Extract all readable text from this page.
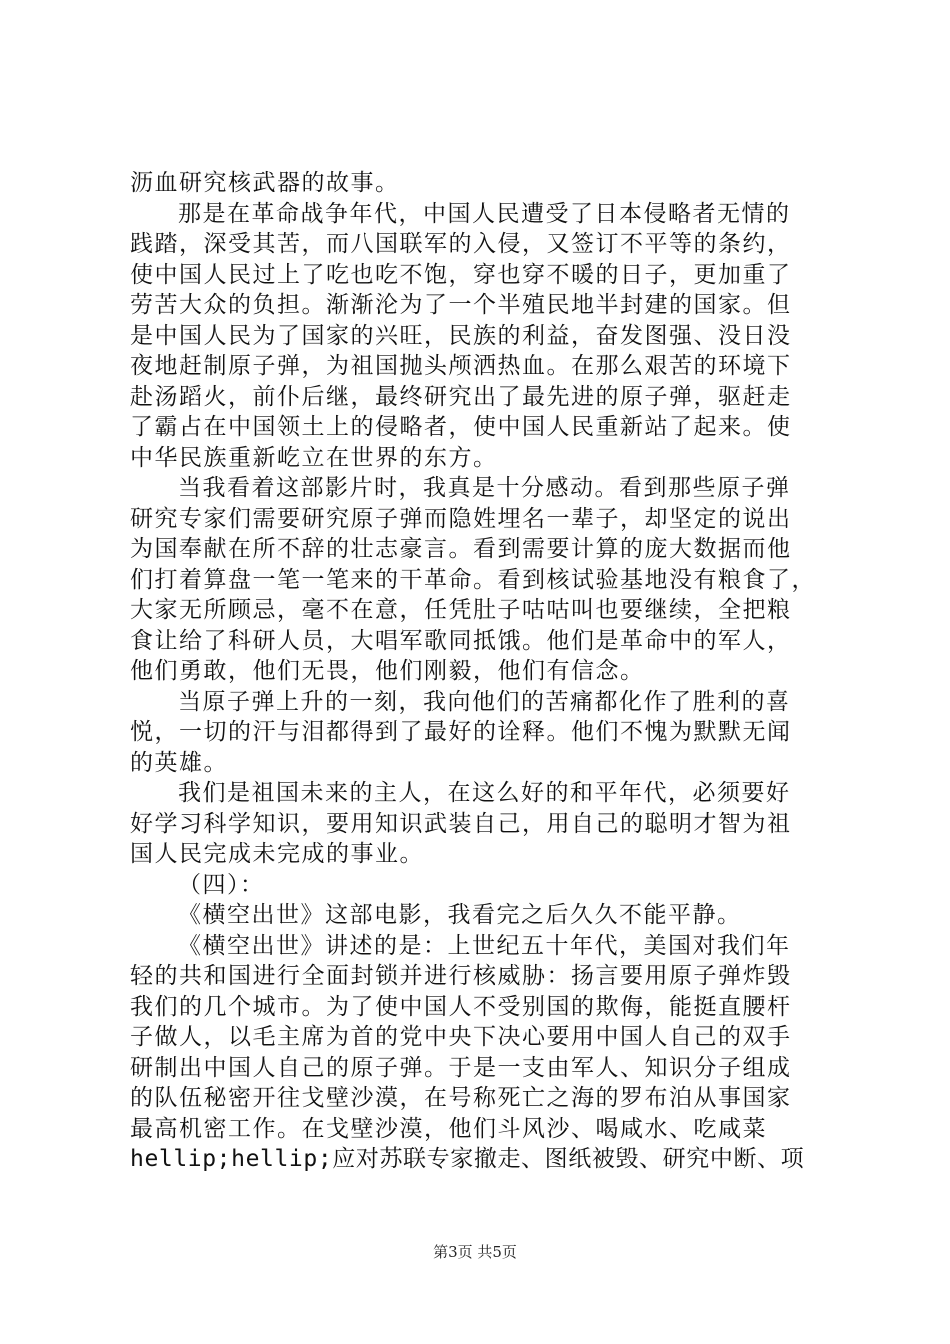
沥血研究核武器的故事。
那是在革命战争年代，中国人民遭受了日本侵略者无情的
践踏，深受其苦，而八国联军的入侵，又签订不平等的条约，
使中国人民过上了吃也吃不饱，穿也穿不暖的日子，更加重了
劳苦大众的负担。渐渐沦为了一个半殖民地半封建的国家。但
是中国人民为了国家的兴旺，民族的利益，奋发图强、没日没
夜地赶制原子弹，为祖国抛头颅洒热血。在那么艰苦的环境下
赴汤蹈火，前仆后继，最终研究出了最先进的原子弹，驱赶走
了霸占在中国领土上的侵略者，使中国人民重新站了起来。使
中华民族重新屹立在世界的东方。
当我看着这部影片时，我真是十分感动。看到那些原子弹
研究专家们需要研究原子弹而隐姓埋名一辈子，却坚定的说出
为国奉献在所不辞的壮志豪言。看到需要计算的庞大数据而他
们打着算盘一笔一笔来的干革命。看到核试验基地没有粮食了，
大家无所顾忌，毫不在意，任凭肚子咕咕叫也要继续，全把粮
食让给了科研人员，大唱军歌同抵饿。他们是革命中的军人，
他们勇敢，他们无畏，他们刚毅，他们有信念。
当原子弹上升的一刻，我向他们的苦痛都化作了胜利的喜
悦，一切的汗与泪都得到了最好的诠释。他们不愧为默默无闻
的英雄。
我们是祖国未来的主人，在这么好的和平年代，必须要好
好学习科学知识，要用知识武装自己，用自己的聪明才智为祖
国人民完成未完成的事业。
（四）：
《横空出世》这部电影，我看完之后久久不能平静。
《横空出世》讲述的是：上世纪五十年代，美国对我们年
轻的共和国进行全面封锁并进行核威胁：扬言要用原子弹炸毁
我们的几个城市。为了使中国人不受别国的欺侮，能挺直腰杆
子做人，以毛主席为首的党中央下决心要用中国人自己的双手
研制出中国人自己的原子弹。于是一支由军人、知识分子组成
的队伍秘密开往戈壁沙漠，在号称死亡之海的罗布泊从事国家
最高机密工作。在戈壁沙漠，他们斗风沙、喝咸水、吃咸菜
hellip;hellip;应对苏联专家撤走、图纸被毁、研究中断、项
第3页 共5页
